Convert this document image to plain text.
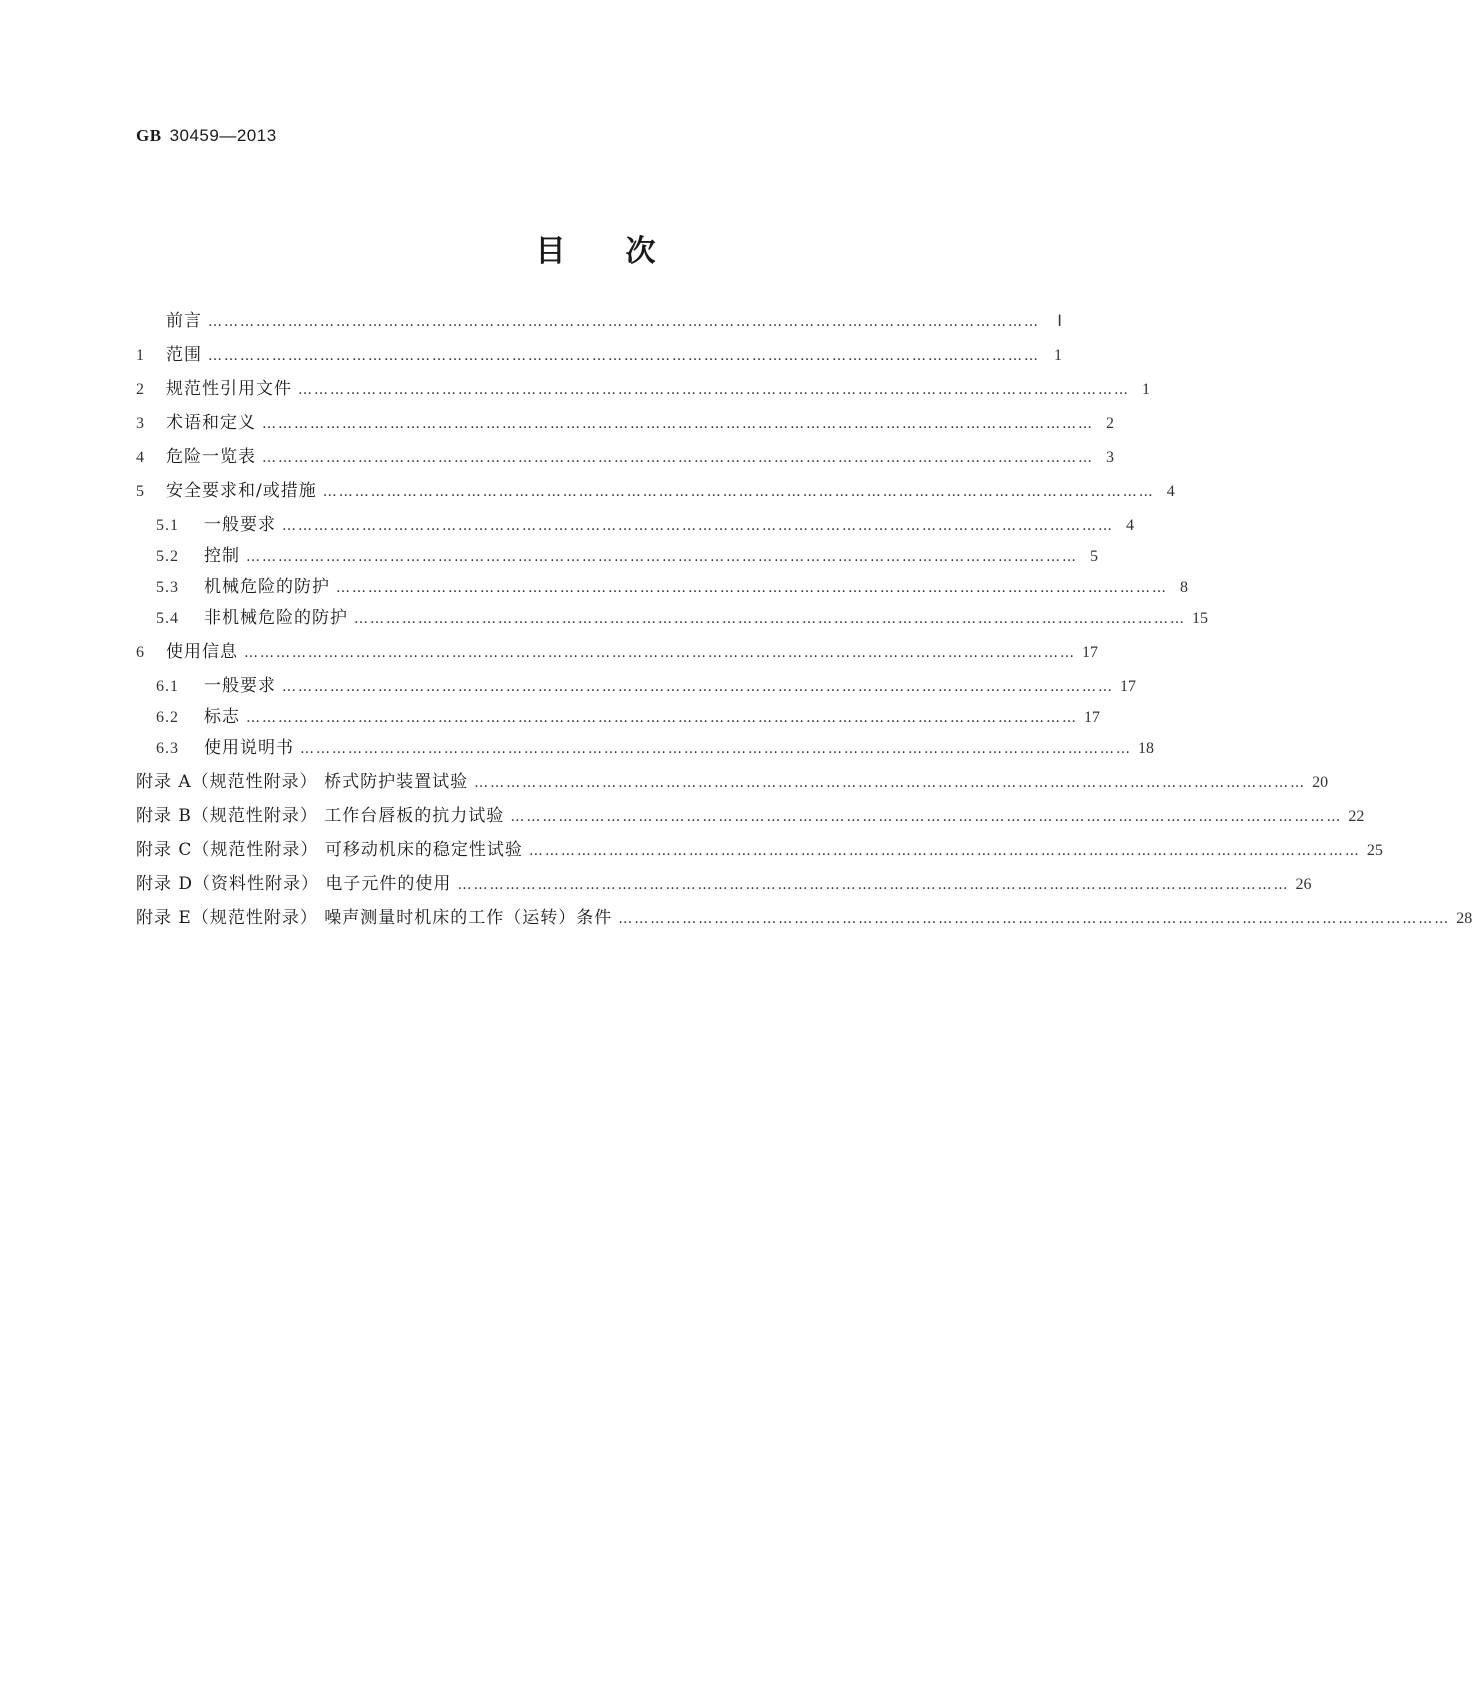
GB 30459—2013
目次
前言 …………………………………………………………………………………………………………………………………………	Ⅰ
1 范围 ………………………………………………………………………………………………………………………………………… 1
2 规范性引用文件 ………………………………………………………………………………………………………………………………………… 1
3 术语和定义 ………………………………………………………………………………………………………………………………………… 2
4 危险一览表 ………………………………………………………………………………………………………………………………………… 3
5 安全要求和/或措施 ………………………………………………………………………………………………………………………………………… 4
5.1 一般要求 ………………………………………………………………………………………………………………………………………… 4
5.2 控制 ………………………………………………………………………………………………………………………………………… 5
5.3 机械危险的防护 ………………………………………………………………………………………………………………………………………… 8
5.4 非机械危险的防护 ………………………………………………………………………………………………………………………………………… 15
6 使用信息 ………………………………………………………………………………………………………………………………………… 17
6.1 一般要求 ………………………………………………………………………………………………………………………………………… 17
6.2 标志 ………………………………………………………………………………………………………………………………………… 17
6.3 使用说明书 ………………………………………………………………………………………………………………………………………… 18
附录 A（规范性附录） 桥式防护装置试验 ………………………………………………………………………………………………………………………………………… 20
附录 B（规范性附录） 工作台唇板的抗力试验 ………………………………………………………………………………………………………………………………………… 22
附录 C（规范性附录） 可移动机床的稳定性试验 ………………………………………………………………………………………………………………………………………… 25
附录 D（资料性附录） 电子元件的使用 ………………………………………………………………………………………………………………………………………… 26
附录 E（规范性附录） 噪声测量时机床的工作（运转）条件 ………………………………………………………………………………………………………………………………………… 28
